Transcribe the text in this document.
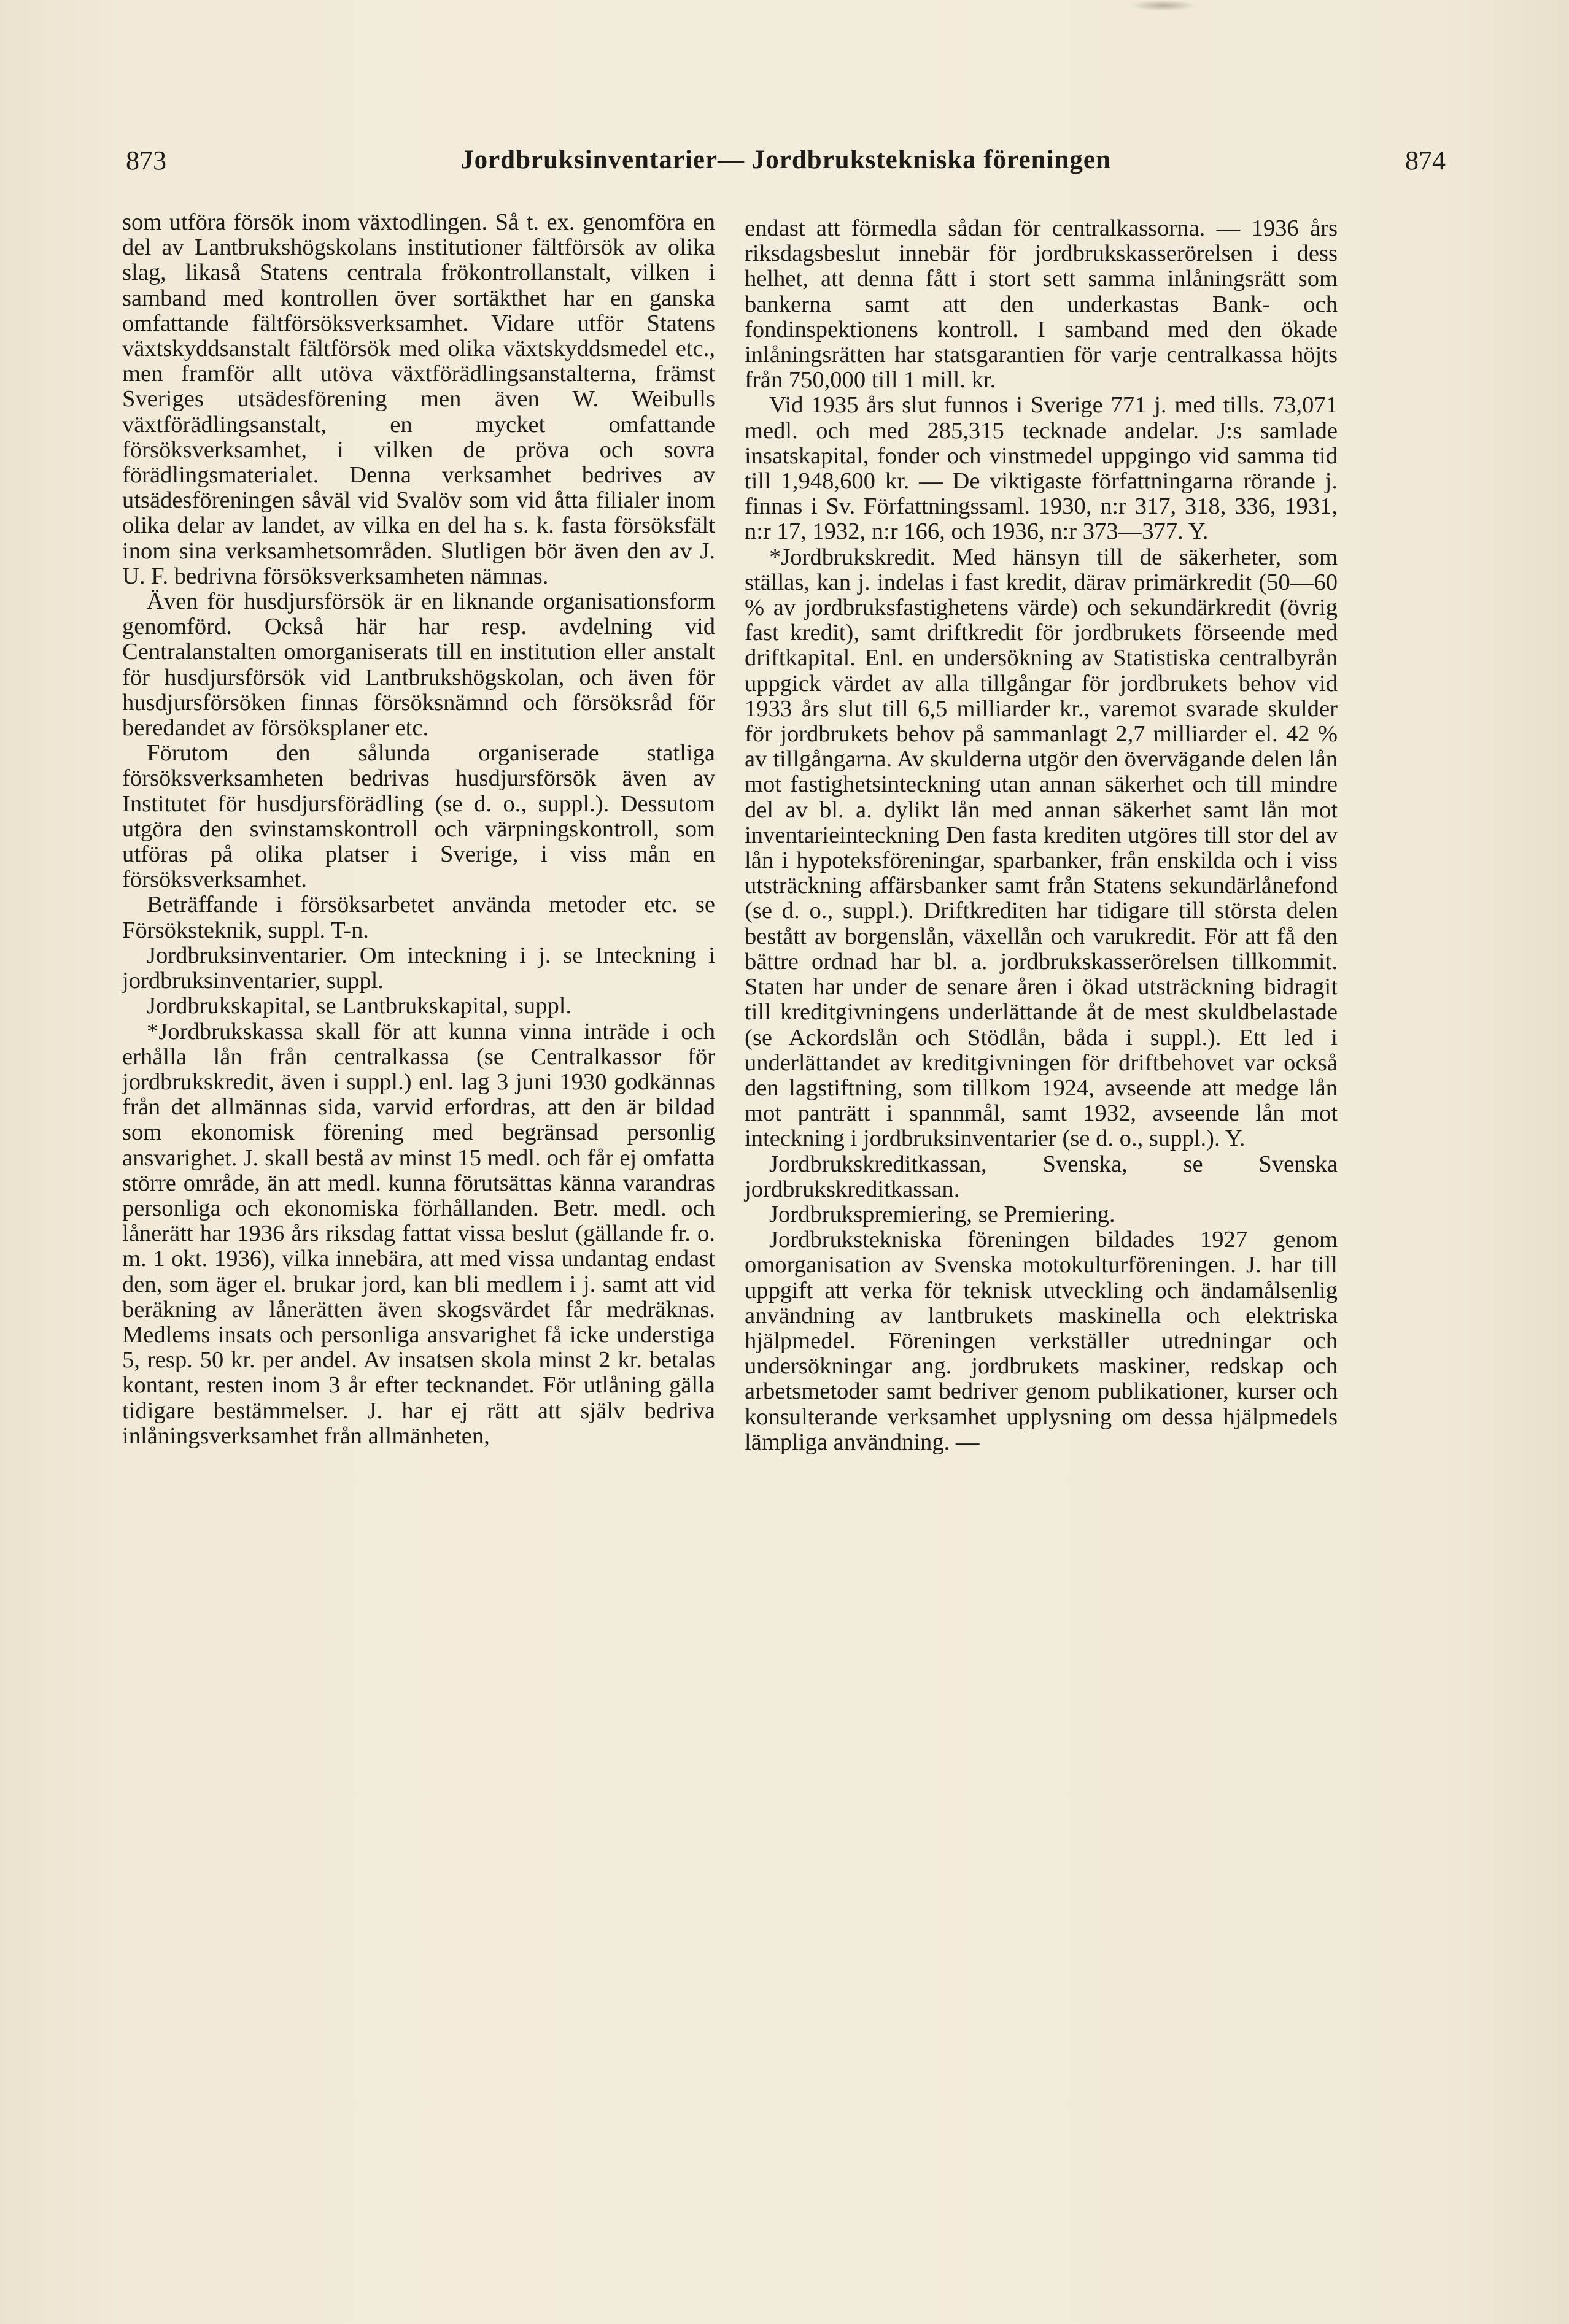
873	Jordbruksinventarier— Jordbrukstekniska föreningen	874

som utföra försök inom växtodlingen. Så t. ex. genomföra en del av Lantbrukshögskolans institutioner fältförsök av olika slag, likaså Statens centrala frökontrollanstalt, vilken i samband med kontrollen över sortäkthet har en ganska omfattande fältförsöksverksamhet. Vidare utför Statens växtskyddsanstalt fältförsök med olika växtskyddsmedel etc., men framför allt utöva växtförädlingsanstalterna, främst Sveriges utsädesförening men även W. Weibulls växtförädlingsanstalt, en mycket omfattande försöksverksamhet, i vilken de pröva och sovra förädlingsmaterialet. Denna verksamhet bedrives av utsädesföreningen såväl vid Svalöv som vid åtta filialer inom olika delar av landet, av vilka en del ha s. k. fasta försöksfält inom sina verksamhetsområden. Slutligen bör även den av J. U. F. bedrivna försöksverksamheten nämnas.

Även för husdjursförsök är en liknande organisationsform genomförd. Också här har resp. avdelning vid Centralanstalten omorganiserats till en institution eller anstalt för husdjursförsök vid Lantbrukshögskolan, och även för husdjursförsöken finnas försöksnämnd och försöksråd för beredandet av försöksplaner etc.

Förutom den sålunda organiserade statliga försöksverksamheten bedrivas husdjursförsök även av Institutet för husdjursförädling (se d. o., suppl.). Dessutom utgöra den svinstamskontroll och värpningskontroll, som utföras på olika platser i Sverige, i viss mån en försöksverksamhet.

Beträffande i försöksarbetet använda metoder etc. se Försöksteknik, suppl. T-n.

Jordbruksinventarier. Om inteckning i j. se Inteckning i jordbruksinventarier, suppl.

Jordbrukskapital, se Lantbrukskapital, suppl.

*Jordbrukskassa skall för att kunna vinna inträde i och erhålla lån från centralkassa (se Centralkassor för jordbrukskredit, även i suppl.) enl. lag 3 juni 1930 godkännas från det allmännas sida, varvid erfordras, att den är bildad som ekonomisk förening med begränsad personlig ansvarighet. J. skall bestå av minst 15 medl. och får ej omfatta större område, än att medl. kunna förutsättas känna varandras personliga och ekonomiska förhållanden. Betr. medl. och lånerätt har 1936 års riksdag fattat vissa beslut (gällande fr. o. m. 1 okt. 1936), vilka innebära, att med vissa undantag endast den, som äger el. brukar jord, kan bli medlem i j. samt att vid beräkning av lånerätten även skogsvärdet får medräknas. Medlems insats och personliga ansvarighet få icke understiga 5, resp. 50 kr. per andel. Av insatsen skola minst 2 kr. betalas kontant, resten inom 3 år efter tecknandet. För utlåning gälla tidigare bestämmelser. J. har ej rätt att själv bedriva inlåningsverksamhet från allmänheten,

endast att förmedla sådan för centralkassorna. — 1936 års riksdagsbeslut innebär för jordbrukskasserörelsen i dess helhet, att denna fått i stort sett samma inlåningsrätt som bankerna samt att den underkastas Bank- och fondinspektionens kontroll. I samband med den ökade inlåningsrätten har statsgarantien för varje centralkassa höjts från 750,000 till 1 mill. kr.

Vid 1935 års slut funnos i Sverige 771 j. med tills. 73,071 medl. och med 285,315 tecknade andelar. J:s samlade insatskapital, fonder och vinstmedel uppgingo vid samma tid till 1,948,600 kr. — De viktigaste författningarna rörande j. finnas i Sv. Författningssaml. 1930, n:r 317, 318, 336, 1931, n:r 17, 1932, n:r 166, och 1936, n:r 373—377. Y.

*Jordbrukskredit. Med hänsyn till de säkerheter, som ställas, kan j. indelas i fast kredit, därav primärkredit (50—60 % av jordbruksfastighetens värde) och sekundärkredit (övrig fast kredit), samt driftkredit för jordbrukets förseende med driftkapital. Enl. en undersökning av Statistiska centralbyrån uppgick värdet av alla tillgångar för jordbrukets behov vid 1933 års slut till 6,5 milliarder kr., varemot svarade skulder för jordbrukets behov på sammanlagt 2,7 milliarder el. 42 % av tillgångarna. Av skulderna utgör den övervägande delen lån mot fastighetsinteckning utan annan säkerhet och till mindre del av bl. a. dylikt lån med annan säkerhet samt lån mot inventarieinteckning Den fasta krediten utgöres till stor del av lån i hypoteksföreningar, sparbanker, från enskilda och i viss utsträckning affärsbanker samt från Statens sekundärlånefond (se d. o., suppl.). Driftkrediten har tidigare till största delen bestått av borgenslån, växellån och varukredit. För att få den bättre ordnad har bl. a. jordbrukskasserörelsen tillkommit. Staten har under de senare åren i ökad utsträckning bidragit till kreditgivningens underlättande åt de mest skuldbelastade (se Ackordslån och Stödlån, båda i suppl.). Ett led i underlättandet av kreditgivningen för driftbehovet var också den lagstiftning, som tillkom 1924, avseende att medge lån mot panträtt i spannmål, samt 1932, avseende lån mot inteckning i jordbruksinventarier (se d. o., suppl.). Y.

Jordbrukskreditkassan, Svenska, se Svenska jordbrukskreditkassan.

Jordbrukspremiering, se Premiering.

Jordbrukstekniska föreningen bildades 1927 genom omorganisation av Svenska motokulturföreningen. J. har till uppgift att verka för teknisk utveckling och ändamålsenlig användning av lantbrukets maskinella och elektriska hjälpmedel. Föreningen verkställer utredningar och undersökningar ang. jordbrukets maskiner, redskap och arbetsmetoder samt bedriver genom publikationer, kurser och konsulterande verksamhet upplysning om dessa hjälpmedels lämpliga användning. —
